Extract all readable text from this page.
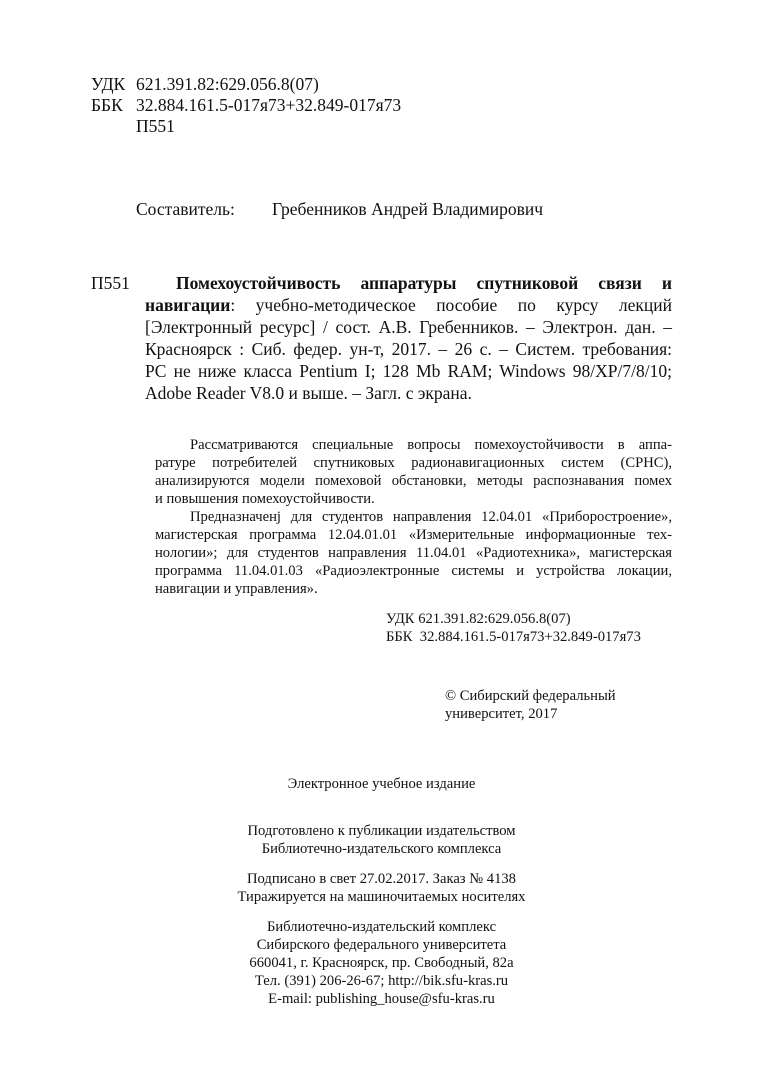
УДК 621.391.82:629.056.8(07)
ББК 32.884.161.5-017я73+32.849-017я73
П551
Составитель: Гребенников Андрей Владимирович
П551	Помехоустойчивость аппаратуры спутниковой связи и
навигации : учебно-методическое пособие по курсу лекций
[Электронный ресурс] / сост. А.В. Гребенников. – Электрон. дан. –
Красноярск : Сиб. федер. ун-т, 2017. – 26 с. – Систем. требования:
PC не ниже класса Pentium I; 128 Mb RAM; Windows 98/XP/7/8/10;
Adobe Reader V8.0 и выше. – Загл. с экрана.
Рассматриваются специальные вопросы помехоустойчивости в аппа-
ратуре потребителей спутниковых радионавигационных систем (СРНС),
анализируются модели помеховой обстановки, методы распознавания помех
и повышения помехоустойчивости.
Предназначенј для студентов направления 12.04.01 «Приборостроение»,
магистерская программа 12.04.01.01 «Измерительные информационные тех-
нологии»; для студентов направления 11.04.01 «Радиотехника», магистерская
программа 11.04.01.03 «Радиоэлектронные системы и устройства локации,
навигации и управления».
УДК 621.391.82:629.056.8(07)
ББК  32.884.161.5-017я73+32.849-017я73
© Сибирский федеральный
университет, 2017
Электронное учебное издание
Подготовлено к публикации издательством
Библиотечно-издательского комплекса
Подписано в свет 27.02.2017. Заказ № 4138
Тиражируется на машиночитаемых носителях
Библиотечно-издательский комплекс
Сибирского федерального университета
660041, г. Красноярск, пр. Свободный, 82а
Тел. (391) 206-26-67; http://bik.sfu-kras.ru
E-mail: publishing_house@sfu-kras.ru
